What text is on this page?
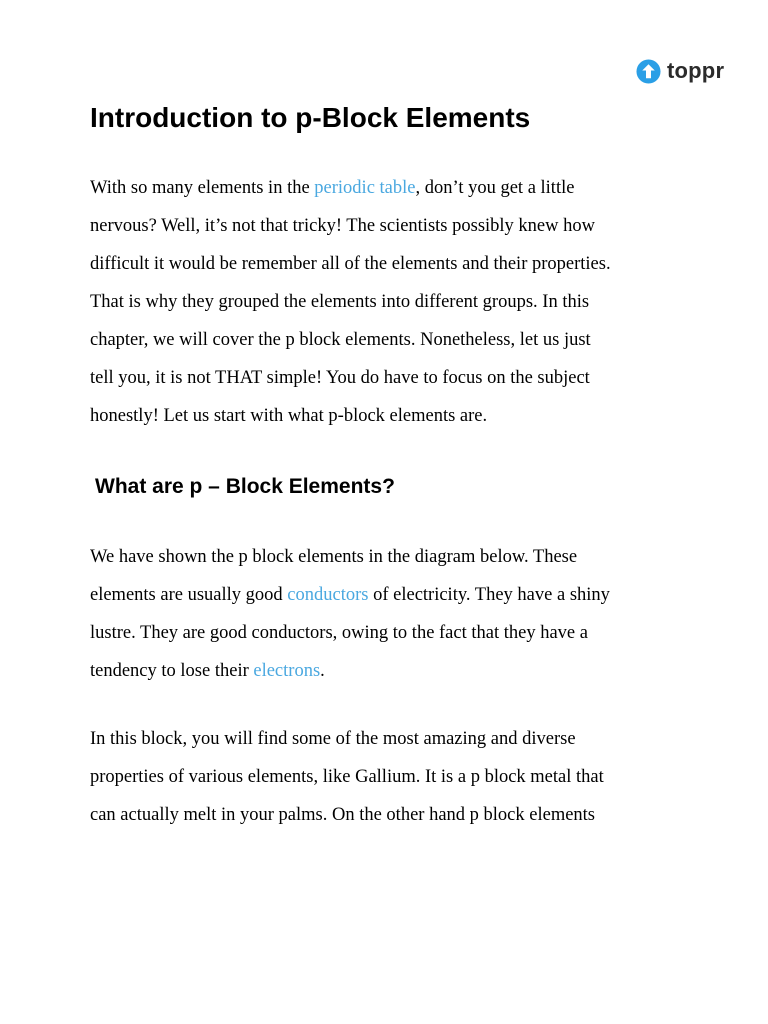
toppr
Introduction to p-Block Elements

With so many elements in the periodic table, don’t you get a little
nervous? Well, it’s not that tricky! The scientists possibly knew how
difficult it would be remember all of the elements and their properties.
That is why they grouped the elements into different groups. In this
chapter, we will cover the p block elements. Nonetheless, let us just
tell you, it is not THAT simple! You do have to focus on the subject
honestly! Let us start with what p-block elements are.

What are p – Block Elements?

We have shown the p block elements in the diagram below. These
elements are usually good conductors of electricity. They have a shiny
lustre. They are good conductors, owing to the fact that they have a
tendency to lose their electrons.

In this block, you will find some of the most amazing and diverse
properties of various elements, like Gallium. It is a p block metal that
can actually melt in your palms. On the other hand p block elements
